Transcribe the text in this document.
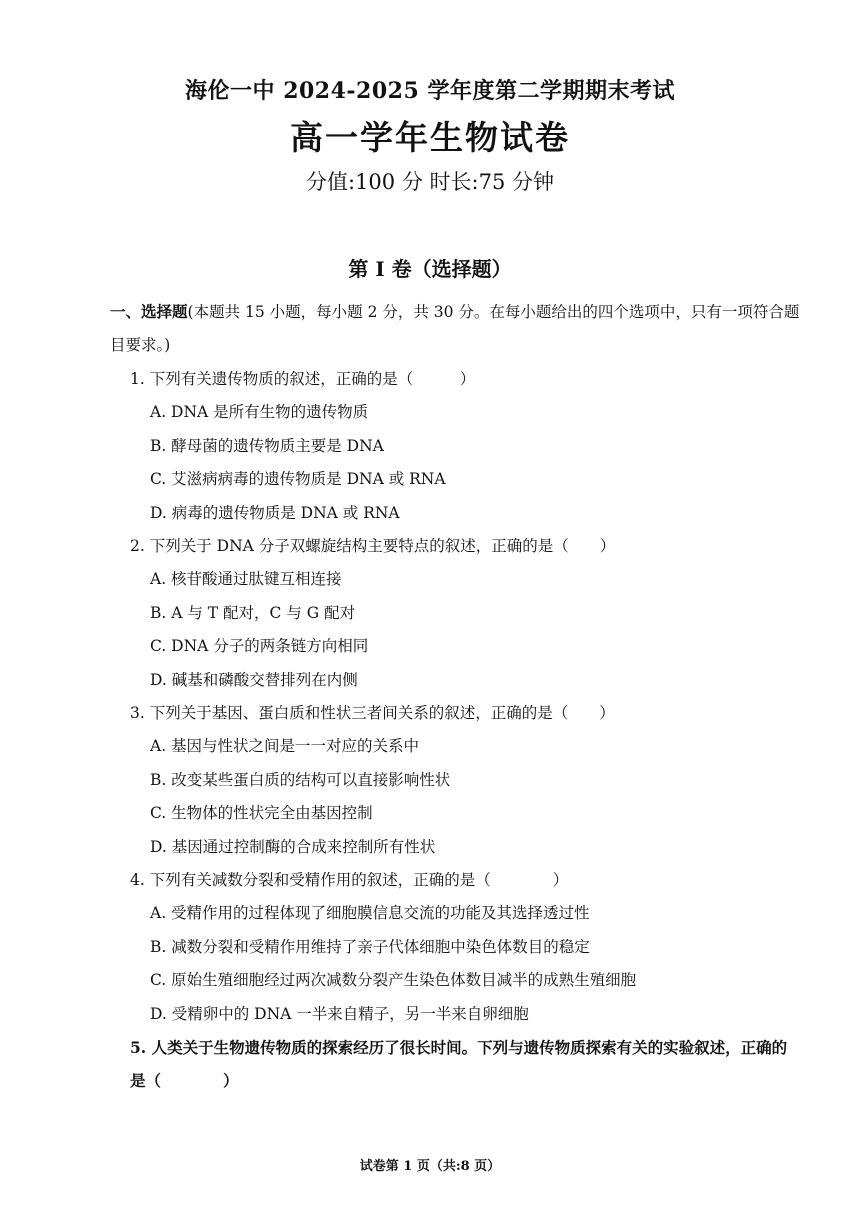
海伦一中 2024-2025 学年度第二学期期末考试
高一学年生物试卷
分值:100 分 时长:75 分钟
第 I 卷（选择题）
一、选择题(本题共 15 小题，每小题 2 分，共 30 分。在每小题给出的四个选项中，只有一项符合题目要求。)
1. 下列有关遗传物质的叙述，正确的是（　　　）
A. DNA 是所有生物的遗传物质
B. 酵母菌的遗传物质主要是 DNA
C. 艾滋病病毒的遗传物质是 DNA 或 RNA
D. 病毒的遗传物质是 DNA 或 RNA
2. 下列关于 DNA 分子双螺旋结构主要特点的叙述，正确的是（　　）
A. 核苷酸通过肽键互相连接
B. A 与 T 配对，C 与 G 配对
C. DNA 分子的两条链方向相同
D. 碱基和磷酸交替排列在内侧
3. 下列关于基因、蛋白质和性状三者间关系的叙述，正确的是（　　）
A. 基因与性状之间是一一对应的关系中
B. 改变某些蛋白质的结构可以直接影响性状
C. 生物体的性状完全由基因控制
D. 基因通过控制酶的合成来控制所有性状
4. 下列有关减数分裂和受精作用的叙述，正确的是（　　　　）
A. 受精作用的过程体现了细胞膜信息交流的功能及其选择透过性
B. 减数分裂和受精作用维持了亲子代体细胞中染色体数目的稳定
C. 原始生殖细胞经过两次减数分裂产生染色体数目减半的成熟生殖细胞
D. 受精卵中的 DNA 一半来自精子，另一半来自卵细胞
5. 人类关于生物遗传物质的探索经历了很长时间。下列与遗传物质探索有关的实验叙述，正确的是（　　　　）
试卷第 1 页（共:8 页）
